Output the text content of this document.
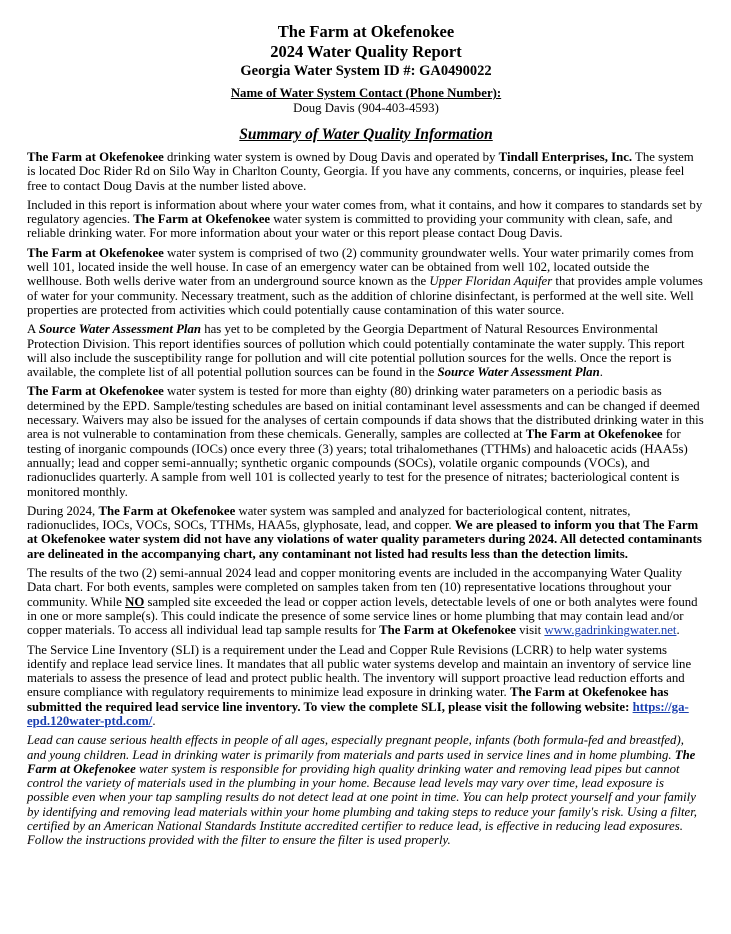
The Farm at Okefenokee
2024 Water Quality Report
Georgia Water System ID #: GA0490022
Name of Water System Contact (Phone Number):
Doug Davis (904-403-4593)
Summary of Water Quality Information

The Farm at Okefenokee drinking water system is owned by Doug Davis and operated by Tindall Enterprises, Inc. The system is located Doc Rider Rd on Silo Way in Charlton County, Georgia. If you have any comments, concerns, or inquiries, please feel free to contact Doug Davis at the number listed above.

Included in this report is information about where your water comes from, what it contains, and how it compares to standards set by regulatory agencies. The Farm at Okefenokee water system is committed to providing your community with clean, safe, and reliable drinking water. For more information about your water or this report please contact Doug Davis.

The Farm at Okefenokee water system is comprised of two (2) community groundwater wells. Your water primarily comes from well 101, located inside the well house. In case of an emergency water can be obtained from well 102, located outside the wellhouse. Both wells derive water from an underground source known as the Upper Floridan Aquifer that provides ample volumes of water for your community. Necessary treatment, such as the addition of chlorine disinfectant, is performed at the well site. Well properties are protected from activities which could potentially cause contamination of this water source.

A Source Water Assessment Plan has yet to be completed by the Georgia Department of Natural Resources Environmental Protection Division. This report identifies sources of pollution which could potentially contaminate the water supply. This report will also include the susceptibility range for pollution and will cite potential pollution sources for the wells. Once the report is available, the complete list of all potential pollution sources can be found in the Source Water Assessment Plan.

The Farm at Okefenokee water system is tested for more than eighty (80) drinking water parameters on a periodic basis as determined by the EPD. Sample/testing schedules are based on initial contaminant level assessments and can be changed if deemed necessary. Waivers may also be issued for the analyses of certain compounds if data shows that the distributed drinking water in this area is not vulnerable to contamination from these chemicals. Generally, samples are collected at The Farm at Okefenokee for testing of inorganic compounds (IOCs) once every three (3) years; total trihalomethanes (TTHMs) and haloacetic acids (HAA5s) annually; lead and copper semi-annually; synthetic organic compounds (SOCs), volatile organic compounds (VOCs), and radionuclides quarterly. A sample from well 101 is collected yearly to test for the presence of nitrates; bacteriological content is monitored monthly.

During 2024, The Farm at Okefenokee water system was sampled and analyzed for bacteriological content, nitrates, radionuclides, IOCs, VOCs, SOCs, TTHMs, HAA5s, glyphosate, lead, and copper. We are pleased to inform you that The Farm at Okefenokee water system did not have any violations of water quality parameters during 2024. All detected contaminants are delineated in the accompanying chart, any contaminant not listed had results less than the detection limits.

The results of the two (2) semi-annual 2024 lead and copper monitoring events are included in the accompanying Water Quality Data chart. For both events, samples were completed on samples taken from ten (10) representative locations throughout your community. While NO sampled site exceeded the lead or copper action levels, detectable levels of one or both analytes were found in one or more sample(s). This could indicate the presence of some service lines or home plumbing that may contain lead and/or copper materials. To access all individual lead tap sample results for The Farm at Okefenokee visit www.gadrinkingwater.net.

The Service Line Inventory (SLI) is a requirement under the Lead and Copper Rule Revisions (LCRR) to help water systems identify and replace lead service lines. It mandates that all public water systems develop and maintain an inventory of service line materials to assess the presence of lead and protect public health. The inventory will support proactive lead reduction efforts and ensure compliance with regulatory requirements to minimize lead exposure in drinking water. The Farm at Okefenokee has submitted the required lead service line inventory. To view the complete SLI, please visit the following website: https://ga-epd.120water-ptd.com/.

Lead can cause serious health effects in people of all ages, especially pregnant people, infants (both formula-fed and breastfed), and young children. Lead in drinking water is primarily from materials and parts used in service lines and in home plumbing. The Farm at Okefenokee water system is responsible for providing high quality drinking water and removing lead pipes but cannot control the variety of materials used in the plumbing in your home. Because lead levels may vary over time, lead exposure is possible even when your tap sampling results do not detect lead at one point in time. You can help protect yourself and your family by identifying and removing lead materials within your home plumbing and taking steps to reduce your family's risk. Using a filter, certified by an American National Standards Institute accredited certifier to reduce lead, is effective in reducing lead exposures. Follow the instructions provided with the filter to ensure the filter is used properly.
